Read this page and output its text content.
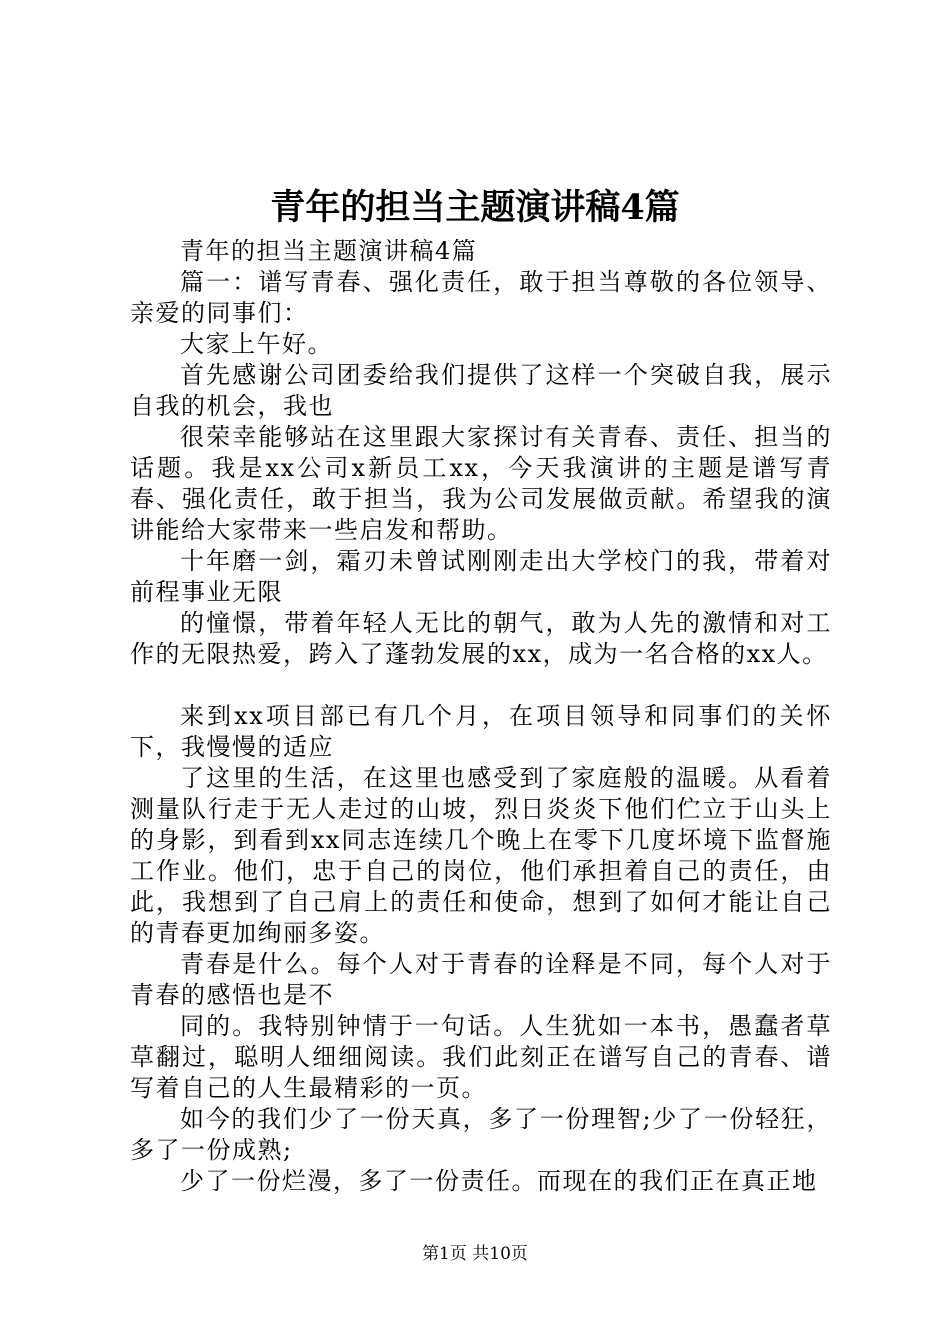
青年的担当主题演讲稿4篇

青年的担当主题演讲稿4篇

篇一：谱写青春、强化责任，敢于担当尊敬的各位领导、亲爱的同事们：

大家上午好。

首先感谢公司团委给我们提供了这样一个突破自我，展示自我的机会，我也

很荣幸能够站在这里跟大家探讨有关青春、责任、担当的话题。我是xx公司x新员工xx，今天我演讲的主题是谱写青春、强化责任，敢于担当，我为公司发展做贡献。希望我的演讲能给大家带来一些启发和帮助。

十年磨一剑，霜刃未曾试刚刚走出大学校门的我，带着对前程事业无限

的憧憬，带着年轻人无比的朝气，敢为人先的激情和对工作的无限热爱，跨入了蓬勃发展的xx，成为一名合格的xx人。

来到xx项目部已有几个月，在项目领导和同事们的关怀下，我慢慢的适应

了这里的生活，在这里也感受到了家庭般的温暖。从看着测量队行走于无人走过的山坡，烈日炎炎下他们伫立于山头上的身影，到看到xx同志连续几个晚上在零下几度坏境下监督施工作业。他们，忠于自己的岗位，他们承担着自己的责任，由此，我想到了自己肩上的责任和使命，想到了如何才能让自己的青春更加绚丽多姿。

青春是什么。每个人对于青春的诠释是不同，每个人对于青春的感悟也是不

同的。我特别钟情于一句话。人生犹如一本书，愚蠢者草草翻过，聪明人细细阅读。我们此刻正在谱写自己的青春、谱写着自己的人生最精彩的一页。

如今的我们少了一份天真，多了一份理智;少了一份轻狂，多了一份成熟;

少了一份烂漫，多了一份责任。而现在的我们正在真正地

第1页 共10页
